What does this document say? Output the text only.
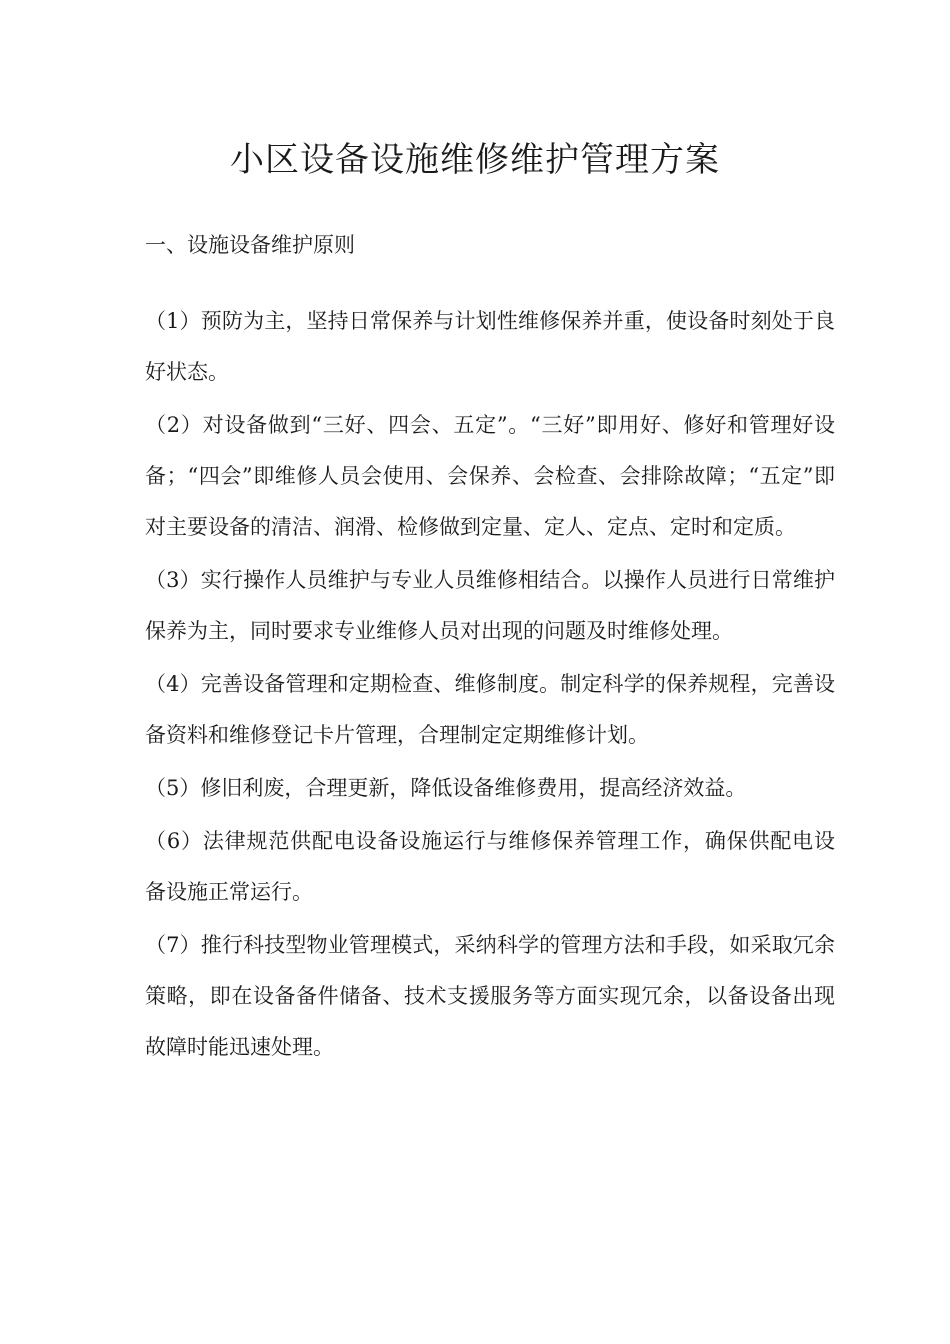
小区设备设施维修维护管理方案
一、设施设备维护原则

（1）预防为主，坚持日常保养与计划性维修保养并重，使设备时刻处于良好状态。

（2）对设备做到“三好、四会、五定”。“三好”即用好、修好和管理好设备；“四会”即维修人员会使用、会保养、会检查、会排除故障；“五定”即对主要设备的清洁、润滑、检修做到定量、定人、定点、定时和定质。

（3）实行操作人员维护与专业人员维修相结合。以操作人员进行日常维护保养为主，同时要求专业维修人员对出现的问题及时维修处理。

（4）完善设备管理和定期检查、维修制度。制定科学的保养规程，完善设备资料和维修登记卡片管理，合理制定定期维修计划。

（5）修旧利废，合理更新，降低设备维修费用，提高经济效益。

（6）法律规范供配电设备设施运行与维修保养管理工作，确保供配电设 备设施正常运行。

（7）推行科技型物业管理模式，采纳科学的管理方法和手段，如采取冗余策略，即在设备备件储备、技术支援服务等方面实现冗余，以备设备出现故障时能迅速处理。
